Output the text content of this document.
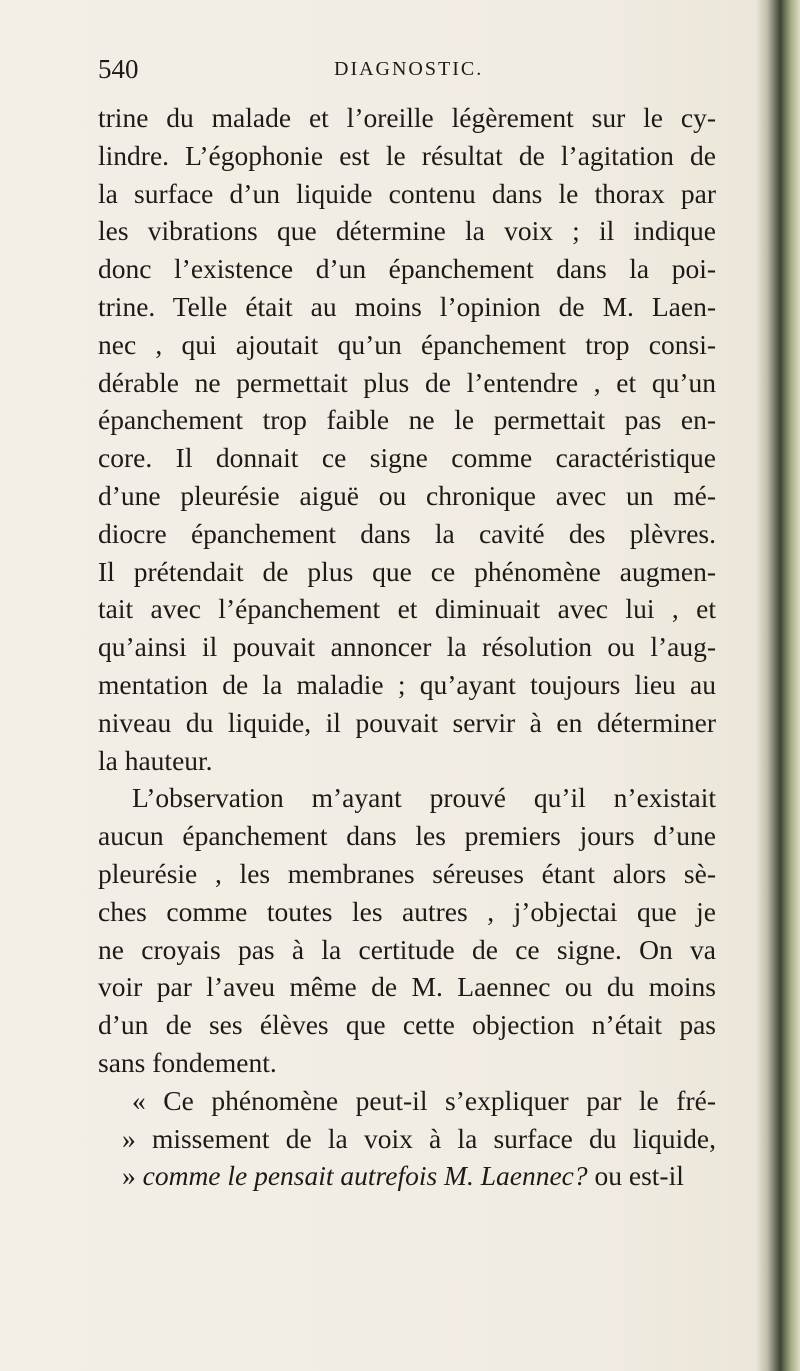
540	DIAGNOSTIC.
trine du malade et l’oreille légèrement sur le cy-
lindre. L’égophonie est le résultat de l’agitation de
la surface d’un liquide contenu dans le thorax par
les vibrations que détermine la voix ; il indique
donc l’existence d’un épanchement dans la poi-
trine. Telle était au moins l’opinion de M. Laen-
nec , qui ajoutait qu’un épanchement trop consi-
dérable ne permettait plus de l’entendre , et qu’un
épanchement trop faible ne le permettait pas en-
core. Il donnait ce signe comme caractéristique
d’une pleurésie aiguë ou chronique avec un mé-
diocre épanchement dans la cavité des plèvres.
Il prétendait de plus que ce phénomène augmen-
tait avec l’épanchement et diminuait avec lui , et
qu’ainsi il pouvait annoncer la résolution ou l’aug-
mentation de la maladie ; qu’ayant toujours lieu au
niveau du liquide, il pouvait servir à en déterminer
la hauteur.
L’observation m’ayant prouvé qu’il n’existait
aucun épanchement dans les premiers jours d’une
pleurésie , les membranes séreuses étant alors sè-
ches comme toutes les autres , j’objectai que je
ne croyais pas à la certitude de ce signe. On va
voir par l’aveu même de M. Laennec ou du moins
d’un de ses élèves que cette objection n’était pas
sans fondement.
« Ce phénomène peut-il s’expliquer par le fré-
» missement de la voix à la surface du liquide,
» comme le pensait autrefois M. Laennec? ou est-il
